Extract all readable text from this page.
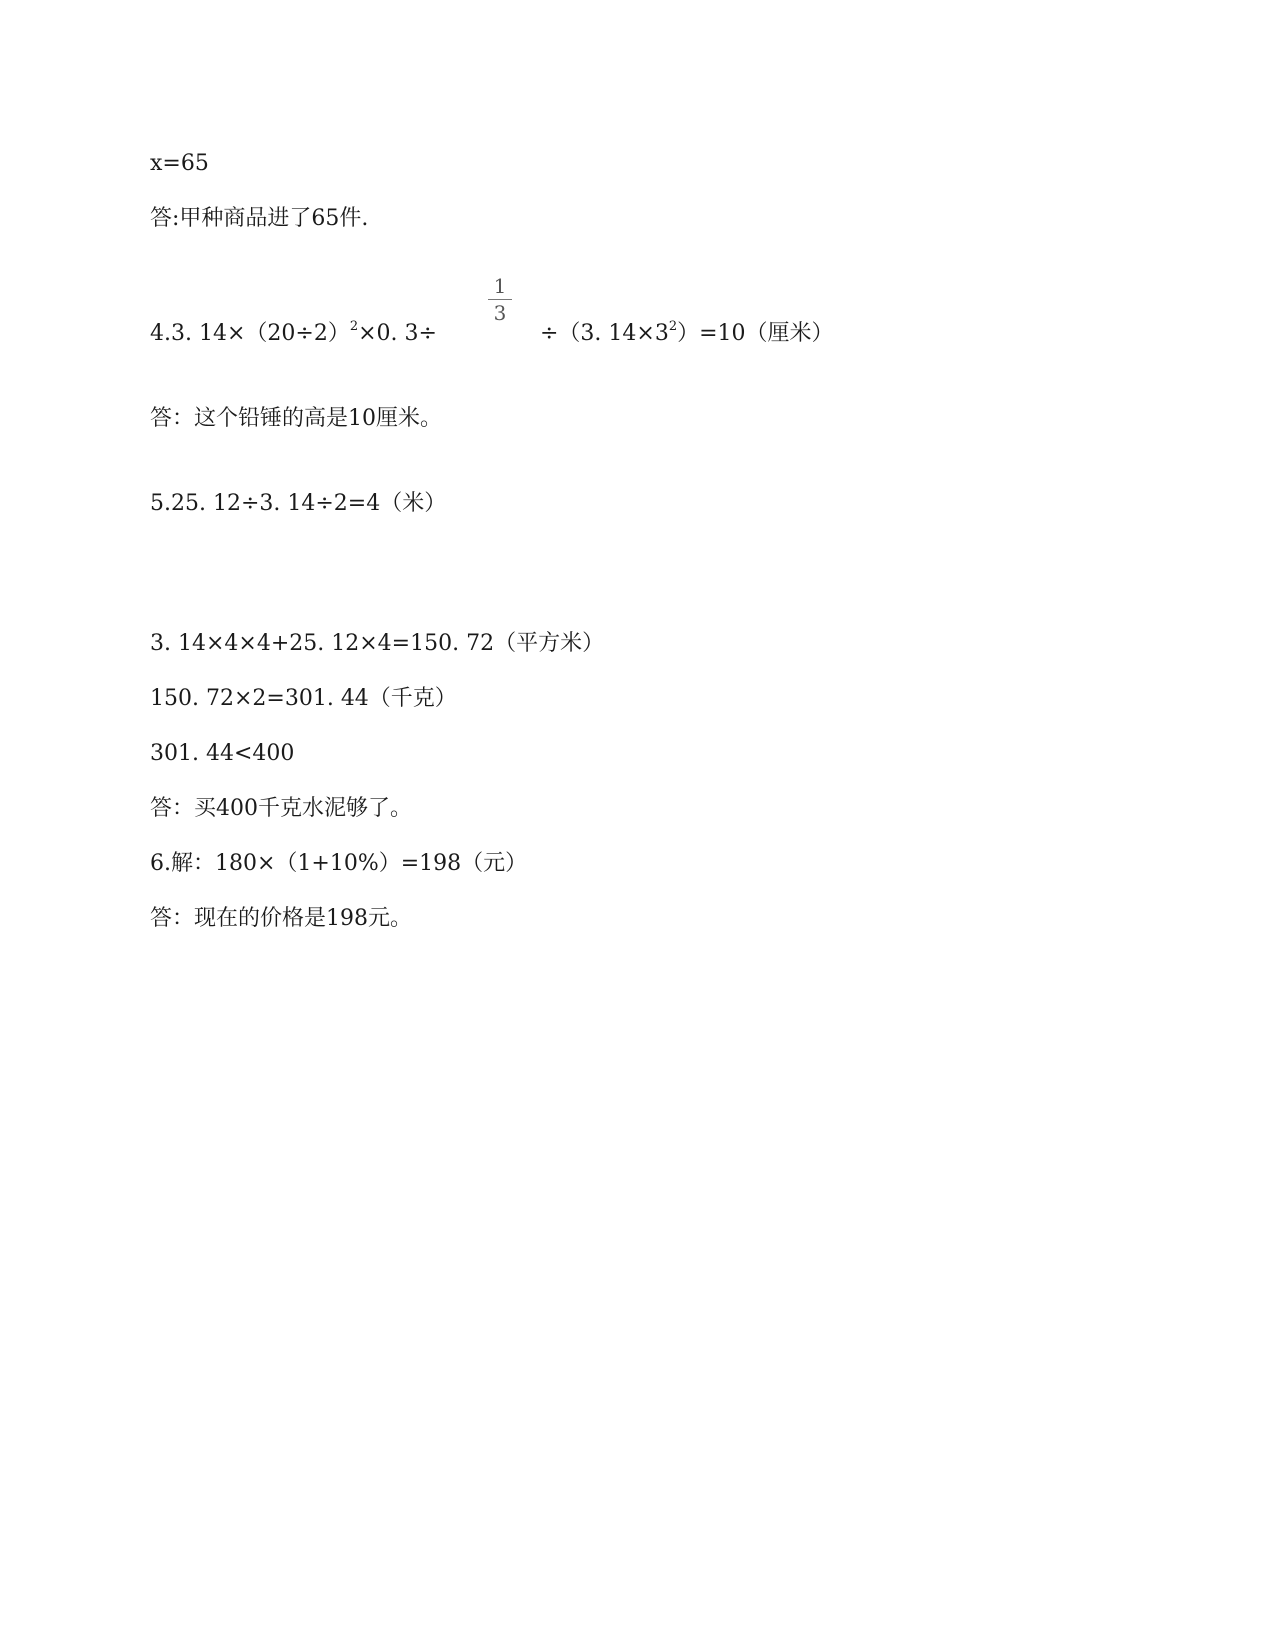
x=65
答:甲种商品进了65件.
4.3. $14\times(20\div 2)^2\times 0$. 3÷
1
3
÷（3. $14\times 3^2)=10$（厘米）
答：这个铅锤的高是10厘米。
5.25. 12÷3. 14÷2=4（米）
3. 14×4×4+25. 12×4=150. 72（平方米）
150. 72×2=301. 44（千克）
301. 44<400
答：买400千克水泥够了。
6.解：180×（1+10%）=198（元）
答：现在的价格是198元。
